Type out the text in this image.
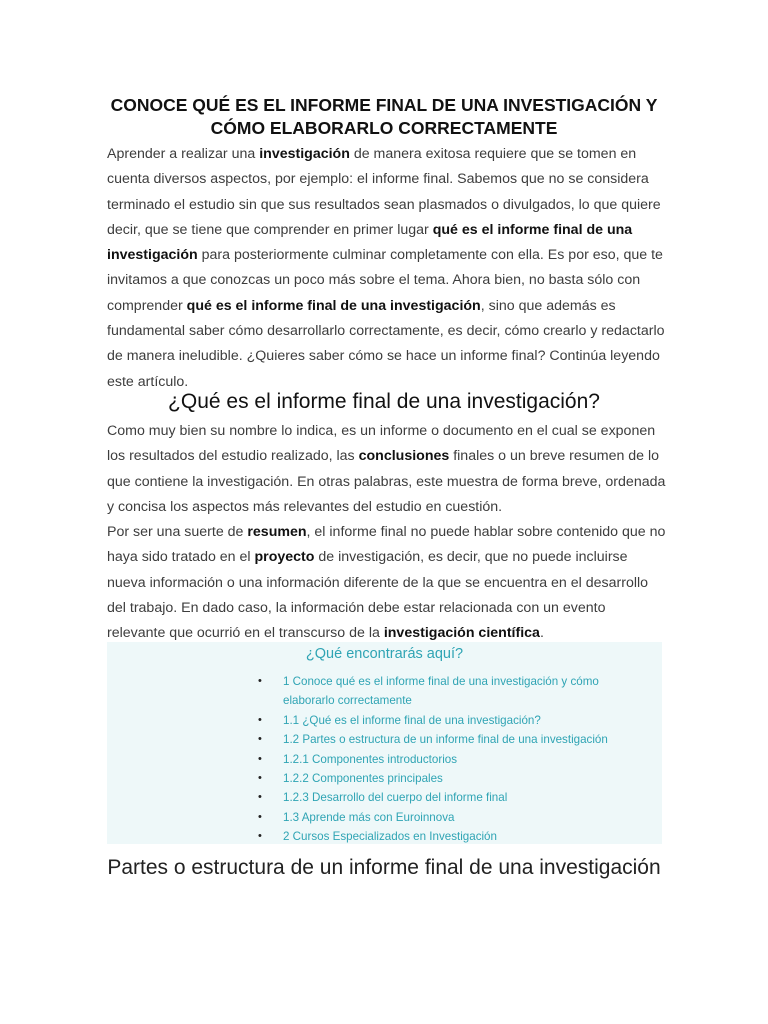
CONOCE QUÉ ES EL INFORME FINAL DE UNA INVESTIGACIÓN Y CÓMO ELABORARLO CORRECTAMENTE

Aprender a realizar una investigación de manera exitosa requiere que se tomen en cuenta diversos aspectos, por ejemplo: el informe final. Sabemos que no se considera terminado el estudio sin que sus resultados sean plasmados o divulgados, lo que quiere decir, que se tiene que comprender en primer lugar qué es el informe final de una investigación para posteriormente culminar completamente con ella. Es por eso, que te invitamos a que conozcas un poco más sobre el tema. Ahora bien, no basta sólo con comprender qué es el informe final de una investigación, sino que además es fundamental saber cómo desarrollarlo correctamente, es decir, cómo crearlo y redactarlo de manera ineludible. ¿Quieres saber cómo se hace un informe final? Continúa leyendo este artículo.

¿Qué es el informe final de una investigación?

Como muy bien su nombre lo indica, es un informe o documento en el cual se exponen los resultados del estudio realizado, las conclusiones finales o un breve resumen de lo que contiene la investigación. En otras palabras, este muestra de forma breve, ordenada y concisa los aspectos más relevantes del estudio en cuestión.

Por ser una suerte de resumen, el informe final no puede hablar sobre contenido que no haya sido tratado en el proyecto de investigación, es decir, que no puede incluirse nueva información o una información diferente de la que se encuentra en el desarrollo del trabajo. En dado caso, la información debe estar relacionada con un evento relevante que ocurrió en el transcurso de la investigación científica.

¿Qué encontrarás aquí?
• 1 Conoce qué es el informe final de una investigación y cómo elaborarlo correctamente
• 1.1 ¿Qué es el informe final de una investigación?
• 1.2 Partes o estructura de un informe final de una investigación
• 1.2.1 Componentes introductorios
• 1.2.2 Componentes principales
• 1.2.3 Desarrollo del cuerpo del informe final
• 1.3 Aprende más con Euroinnova
• 2 Cursos Especializados en Investigación
Partes o estructura de un informe final de una investigación
